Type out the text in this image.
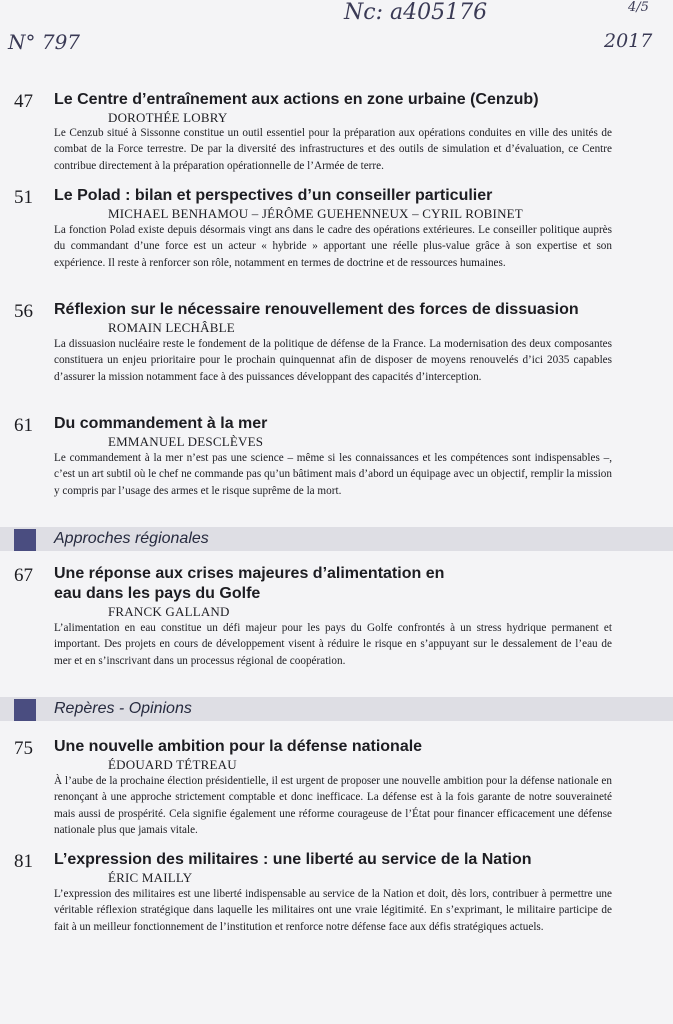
N° 797
Nc: a405176	4/5
2017
47 Le Centre d’entraînement aux actions en zone urbaine (Cenzub)
DOROTHÉE LOBRY
Le Cenzub situé à Sissonne constitue un outil essentiel pour la préparation aux opérations conduites en ville des unités de combat de la Force terrestre. De par la diversité des infrastructures et des outils de simulation et d’évaluation, ce Centre contribue directement à la préparation opérationnelle de l’Armée de terre.
51 Le Polad : bilan et perspectives d’un conseiller particulier
MICHAEL BENHAMOU – JÉRÔME GUEHENNEUX – CYRIL ROBINET
La fonction Polad existe depuis désormais vingt ans dans le cadre des opérations extérieures. Le conseiller politique auprès du commandant d’une force est un acteur « hybride » apportant une réelle plus-value grâce à son expertise et son expérience. Il reste à renforcer son rôle, notamment en termes de doctrine et de ressources humaines.
56 Réflexion sur le nécessaire renouvellement des forces de dissuasion
ROMAIN LECHÂBLE
La dissuasion nucléaire reste le fondement de la politique de défense de la France. La modernisation des deux composantes constituera un enjeu prioritaire pour le prochain quinquennat afin de disposer de moyens renouvelés d’ici 2035 capables d’assurer la mission notamment face à des puissances développant des capacités d’interception.
61 Du commandement à la mer
EMMANUEL DESCLÈVES
Le commandement à la mer n’est pas une science – même si les connaissances et les compétences sont indispensables –, c’est un art subtil où le chef ne commande pas qu’un bâtiment mais d’abord un équipage avec un objectif, remplir la mission y compris par l’usage des armes et le risque suprême de la mort.
Approches régionales
67 Une réponse aux crises majeures d’alimentation en eau dans les pays du Golfe
FRANCK GALLAND
L’alimentation en eau constitue un défi majeur pour les pays du Golfe confrontés à un stress hydrique permanent et important. Des projets en cours de développement visent à réduire le risque en s’appuyant sur le dessalement de l’eau de mer et en s’inscrivant dans un processus régional de coopération.
Repères - Opinions
75 Une nouvelle ambition pour la défense nationale
ÉDOUARD TÉTREAU
À l’aube de la prochaine élection présidentielle, il est urgent de proposer une nouvelle ambition pour la défense nationale en renonçant à une approche strictement comptable et donc inefficace. La défense est à la fois garante de notre souveraineté mais aussi de prospérité. Cela signifie également une réforme courageuse de l’État pour financer efficacement une défense nationale plus que jamais vitale.
81 L’expression des militaires : une liberté au service de la Nation
ÉRIC MAILLY
L’expression des militaires est une liberté indispensable au service de la Nation et doit, dès lors, contribuer à permettre une véritable réflexion stratégique dans laquelle les militaires ont une vraie légitimité. En s’exprimant, le militaire participe de fait à un meilleur fonctionnement de l’institution et renforce notre défense face aux défis stratégiques actuels.
